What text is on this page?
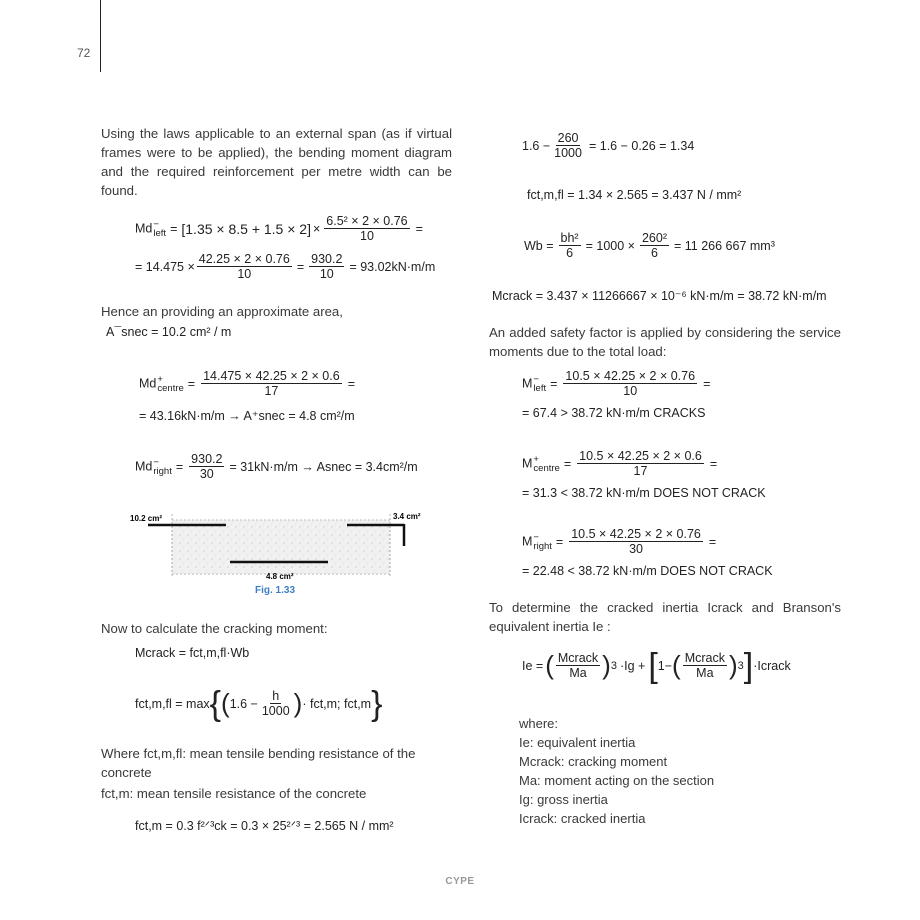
72
Using the laws applicable to an external span (as if virtual frames were to be applied), the bending moment diagram and the required reinforcement per metre width can be found.
Md −
left = $[1.35 \times 8.5 + 1.5 \times 2] \times \frac{\text{6.5² × 2 × 0.76}}{10}$ =
= $14.475 \times \frac{42.25 \times 2 \times 0.76}{10} = \frac{930.2}{10} = 93.02kN\cdot m/m$
Hence an providing an approximate area,
A¯snec = 10.2 cm² / m
Md +
centre = $\frac{14.475 \times 42.25 \times 2 \times 0.6}{17}$ =
= 43.16kN·m/m → A⁺snec = 4.8 cm²/m
Md −
right = $\frac{930.2}{30} = 31kN\cdot m/m$ → Asnec = 3.4cm²/m
10.2 cm²	3.4 cm²
4.8 cm²
Fig. 1.33
Now to calculate the cracking moment:
Mcrack = fct,m,fl·Wb
fct,m,fl = max { ( $1.6 - \frac{h}{1000}$ ) · fct,m; fct,m }
Where fct,m,fl: mean tensile bending resistance of the concrete
fct,m: mean tensile resistance of the concrete
fct,m = 0.3 f²ᐟ³ck = 0.3 × 25²ᐟ³ = 2.565 N / mm²
$1.6 - \frac{260}{1000} = 1.6 - 0.26 = 1.34$
fct,m,fl = 1.34 × 2.565 = 3.437 N / mm²
$Wb = \frac{\text{bh²}}{6} = 1000 \times \frac{\text{260²}}{6} = 11$ 266 667 mm³
Mcrack = 3.437 × 11266667 × 10⁻⁶ kN·m/m = 38.72 kN·m/m
An added safety factor is applied by considering the service moments due to the total load:
M −
left = $\frac{10.5 \times 42.25 \times 2 \times 0.76}{10}$ =
= 67.4 > 38.72 kN·m/m CRACKS
M +
centre = $\frac{10.5 \times 42.25 \times 2 \times 0.6}{17}$ =
= 31.3 < 38.72 kN·m/m DOES NOT CRACK
M −
right = $\frac{10.5 \times 42.25 \times 2 \times 0.76}{30}$ =
= 22.48 < 38.72 kN·m/m DOES NOT CRACK
To determine the cracked inertia Icrack and Branson's equivalent inertia Ie :
Ie = ( $\frac{\text{Mcrack}}{Ma}$ ) 3 ·Ig + [ 1− ( $\frac{\text{Mcrack}}{Ma}$ ) 3 ] ·Icrack
where:
Ie: equivalent inertia
Mcrack: cracking moment
Ma: moment acting on the section
Ig: gross inertia
Icrack: cracked inertia
CYPE
